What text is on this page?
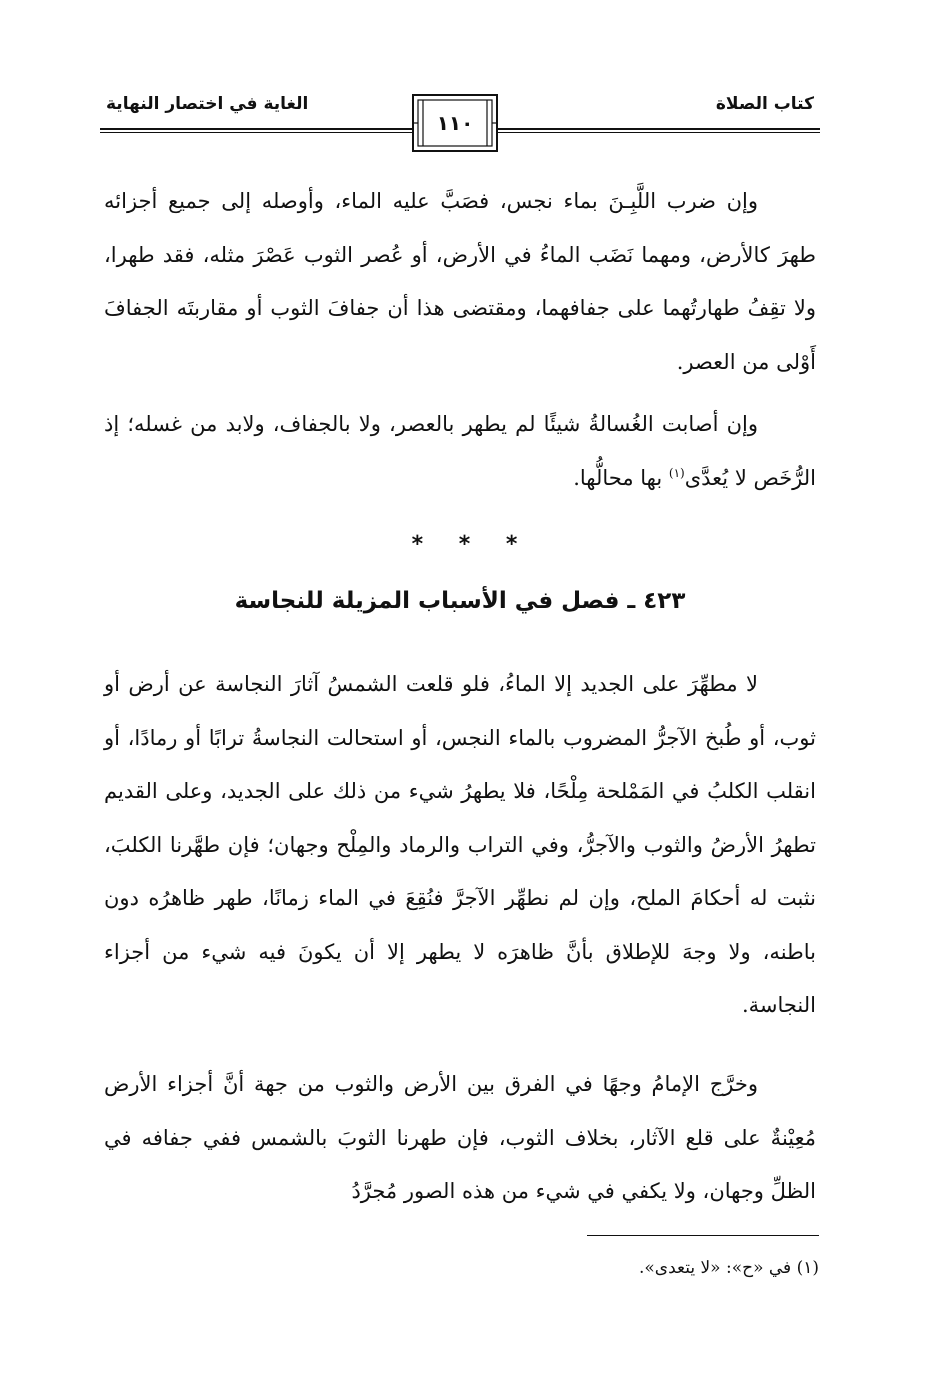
كتاب الصلاة
الغاية في اختصار النهاية
١١٠

وإن ضرب اللَّبِـنَ بماء نجس، فصَبَّ عليه الماء، وأوصله إلى جميع أجزائه طهرَ كالأرض، ومهما نَضَب الماءُ في الأرض، أو عُصر الثوب عَصْرَ مثله، فقد طهرا، ولا تقِفُ طهارتُهما على جفافهما، ومقتضى هذا أن جفافَ الثوب أو مقاربتَه الجفافَ أَوْلى من العصر.

وإن أصابت الغُسالةُ شيئًا لم يطهر بالعصر، ولا بالجفاف، ولابد من غسله؛ إذ الرُّخَص لا يُعدَّى$^{(١)}$ بها محالُّها.

* * *
٤٢٣ ـ فصل في الأسباب المزيلة للنجاسة

لا مطهِّرَ على الجديد إلا الماءُ، فلو قلعت الشمسُ آثارَ النجاسة عن أرض أو ثوب، أو طُبخ الآجرُّ المضروب بالماء النجس، أو استحالت النجاسةُ ترابًا أو رمادًا، أو انقلب الكلبُ في المَمْلحة مِلْحًا، فلا يطهرُ شيء من ذلك على الجديد، وعلى القديم تطهرُ الأرضُ والثوب والآجرُّ، وفي التراب والرماد والمِلْح وجهان؛ فإن طهَّرنا الكلبَ، نثبت له أحكامَ الملح، وإن لم نطهِّر الآجرَّ فنُقِعَ في الماء زمانًا، طهر ظاهرُه دون باطنه، ولا وجهَ للإطلاق بأنَّ ظاهرَه لا يطهر إلا أن يكونَ فيه شيء من أجزاء النجاسة.

وخرَّج الإمامُ وجهًا في الفرق بين الأرض والثوب من جهة أنَّ أجزاء الأرض مُعِيْنةٌ على قلع الآثار، بخلاف الثوب، فإن طهرنا الثوبَ بالشمس ففي جفافه في الظلِّ وجهان، ولا يكفي في شيء من هذه الصور مُجرَّدُ

(١) في «ح»: «لا يتعدى».
